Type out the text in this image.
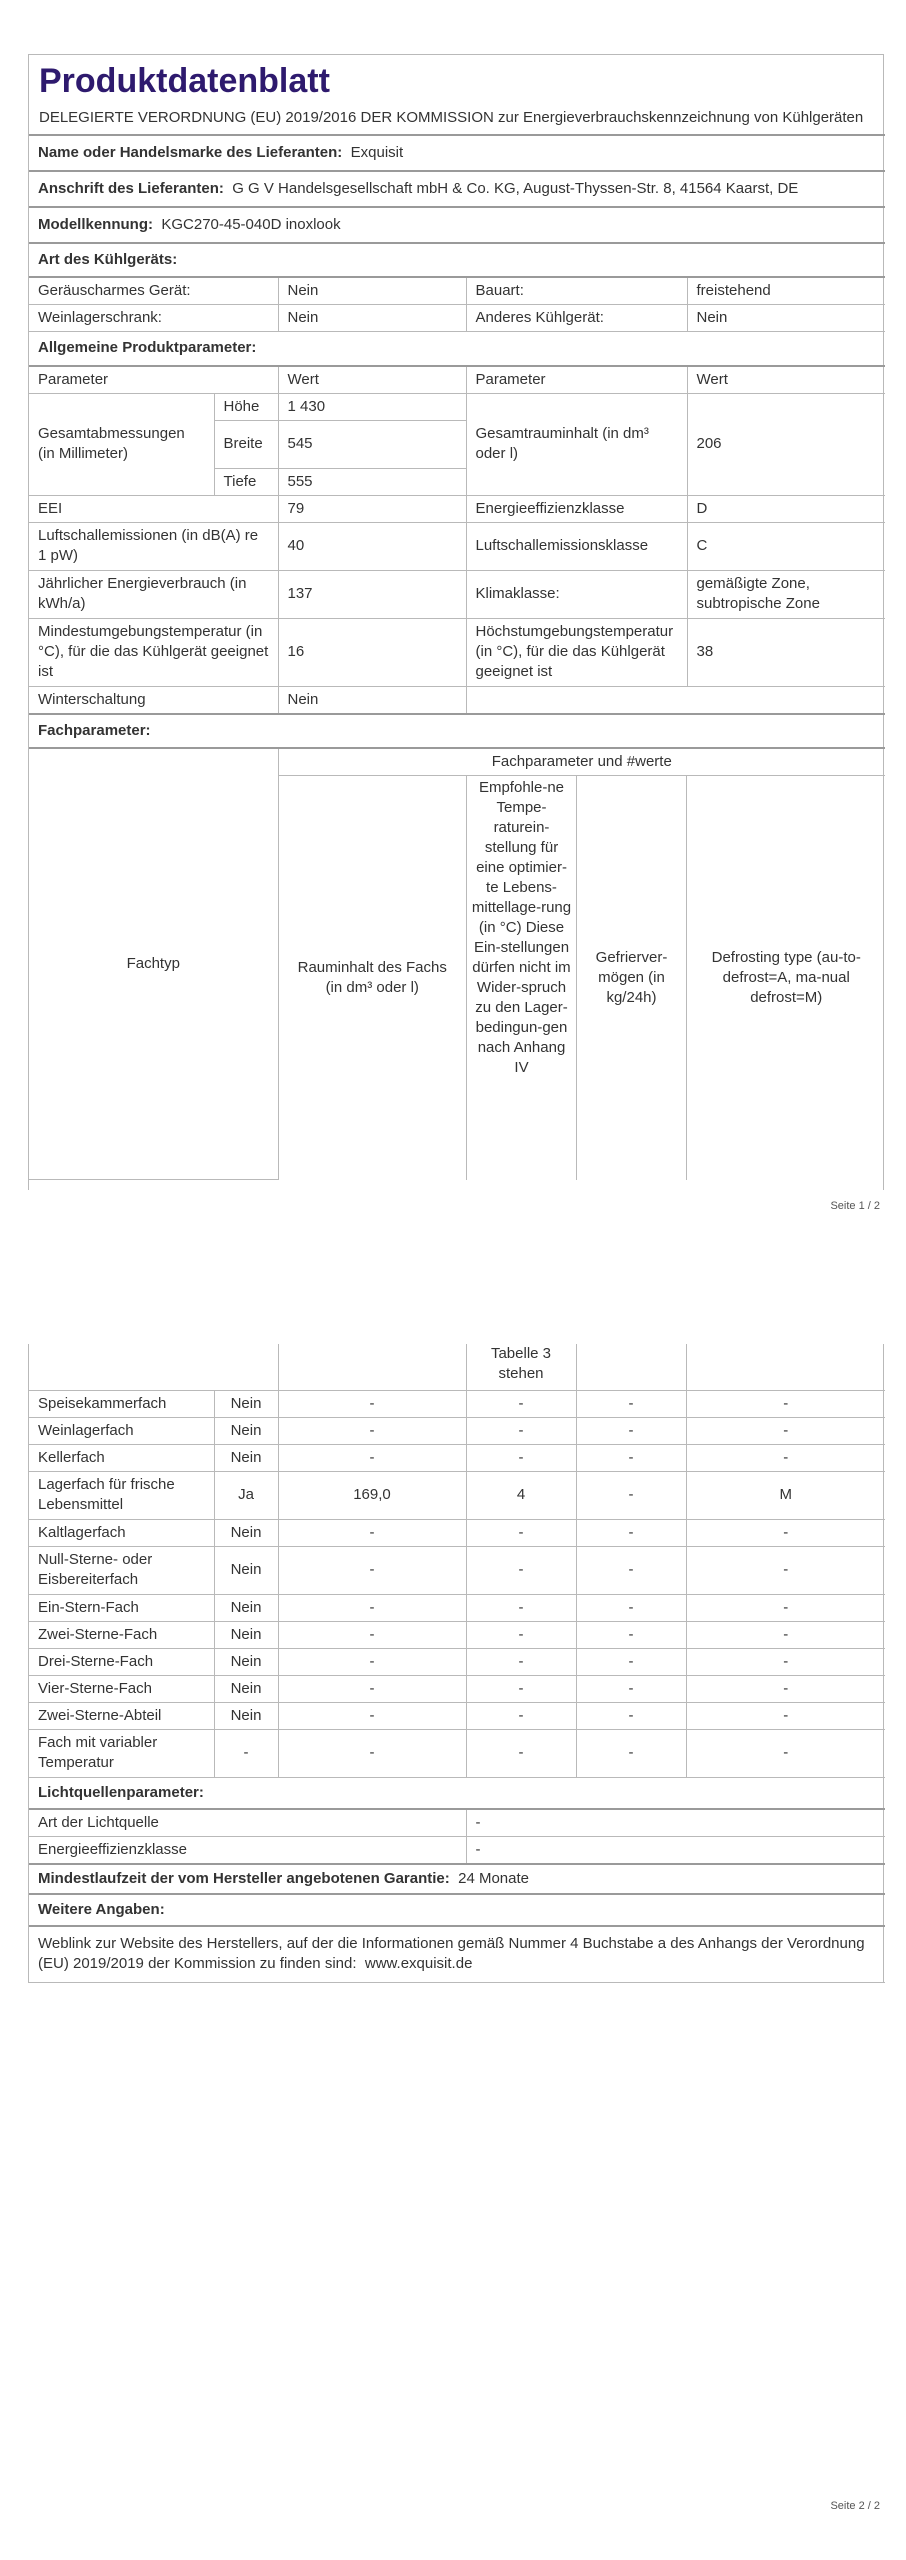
Produktdatenblatt
DELEGIERTE VERORDNUNG (EU) 2019/2016 DER KOMMISSION zur Energieverbrauchskennzeichnung von Kühlgeräten

Name oder Handelsmarke des Lieferanten: Exquisit
Anschrift des Lieferanten: G G V Handelsgesellschaft mbH & Co. KG, August-Thyssen-Str. 8, 41564 Kaarst, DE
Modellkennung: KGC270-45-040D inoxlook
Art des Kühlgeräts:
Geräuscharmes Gerät:	Nein	Bauart:	freistehend
Weinlagerschrank:	Nein	Anderes Kühlgerät:	Nein
Allgemeine Produktparameter:
Parameter	Wert	Parameter	Wert
Gesamtabmessungen (in Millimeter)	Höhe	1 430	Gesamtrauminhalt (in dm³ oder l)	206
Breite	545
Tiefe	555
EEI	79	Energieeffizienzklasse	D
Luftschallemissionen (in dB(A) re 1 pW)	40	Luftschallemissionsklasse	C
Jährlicher Energieverbrauch (in kWh/a)	137	Klimaklasse:	gemäßigte Zone, subtropische Zone
Mindestumgebungstemperatur (in °C), für die das Kühlgerät geeignet ist	16	Höchstumgebungstemperatur (in °C), für die das Kühlgerät geeignet ist	38
Winterschaltung	Nein	
Fachparameter:
Fachtyp	Fachparameter und #werte

Rauminhalt des Fachs (in dm³ oder l)	Empfohle-ne Tempe-raturein-stellung für eine optimier-te Lebens-mittellage-rung (in °C) Diese Ein-stellungen dürfen nicht im Wider-spruch zu den Lager-bedingun-gen nach Anhang IV	Gefrierver-mögen (in kg/24h)	Defrosting type (au-to-defrost=A, ma-nual defrost=M)
Seite 1 / 2
			Tabelle 3 stehen		
Speisekammerfach	Nein	-	-	-	-
Weinlagerfach	Nein	-	-	-	-
Kellerfach	Nein	-	-	-	-
Lagerfach für frische Lebensmittel	Ja	169,0	4	-	M
Kaltlagerfach	Nein	-	-	-	-
Null-Sterne- oder Eisbereiterfach	Nein	-	-	-	-
Ein-Stern-Fach	Nein	-	-	-	-
Zwei-Sterne-Fach	Nein	-	-	-	-
Drei-Sterne-Fach	Nein	-	-	-	-
Vier-Sterne-Fach	Nein	-	-	-	-
Zwei-Sterne-Abteil	Nein	-	-	-	-
Fach mit variabler Temperatur	-	-	-	-	-
Lichtquellenparameter:					
Art der Lichtquelle			-		
Energieeffizienzklasse			-		
Mindestlaufzeit der vom Hersteller angebotenen Garantie: 24 Monate					
Weitere Angaben:					
Weblink zur Website des Herstellers, auf der die Informationen gemäß Nummer 4 Buchstabe a des Anhangs der Verordnung (EU) 2019/2019 der Kommission zu finden sind: www.exquisit.de					
Seite 2 / 2
